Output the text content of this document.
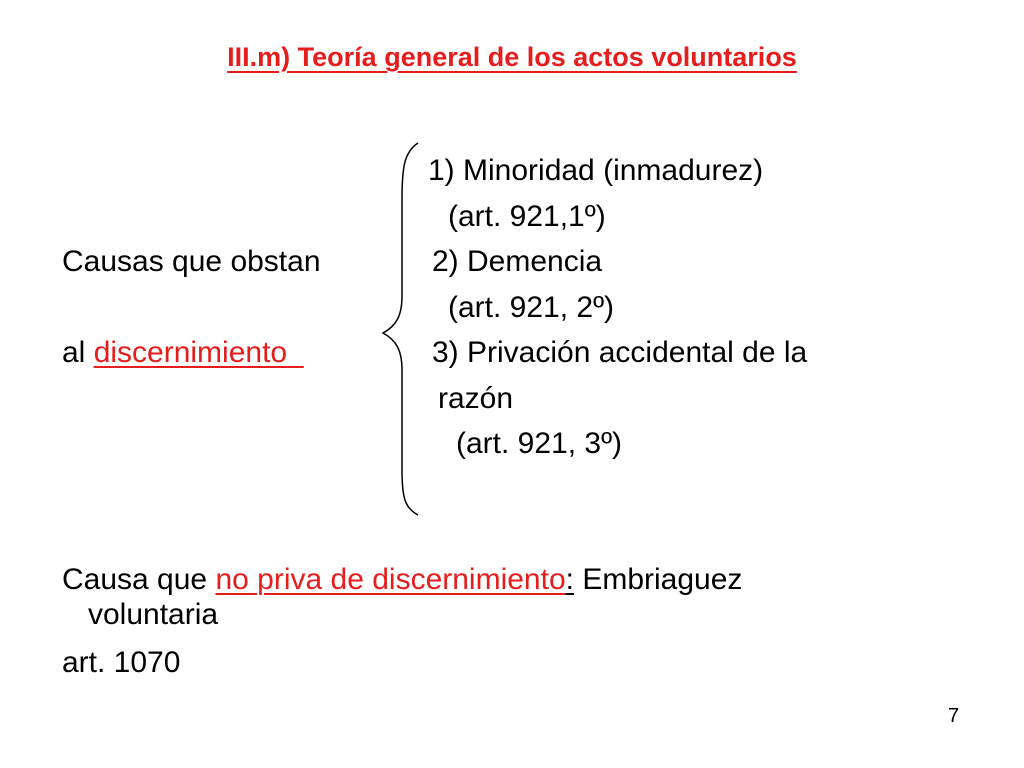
III.m) Teoría general de los actos voluntarios
1) Minoridad (inmadurez)
(art. 921,1º)
Causas que obstan	2) Demencia
(art. 921, 2º)
al discernimiento	3) Privación accidental de la
razón
(art. 921, 3º)
Causa que no priva de discernimiento: Embriaguez
voluntaria
art. 1070
7
